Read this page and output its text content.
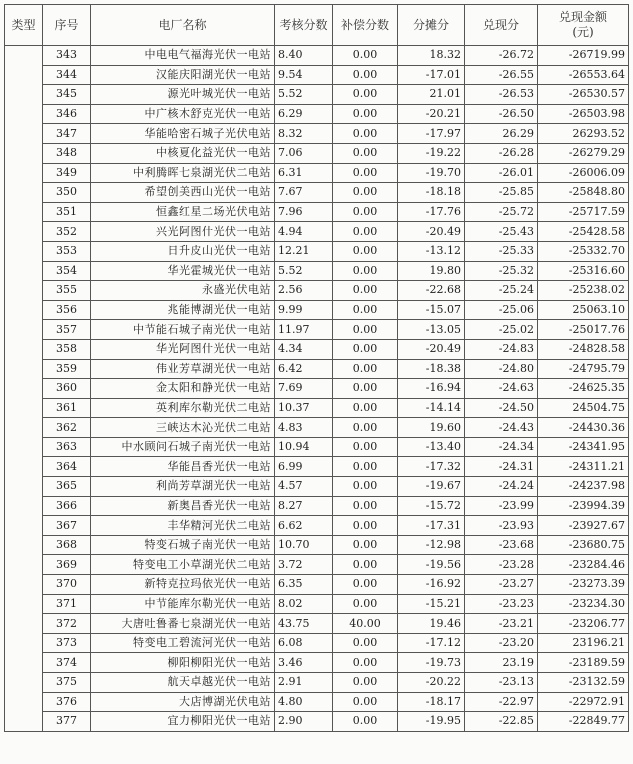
类型	序号	电厂名称	考核分数	补偿分数	分摊分	兑现分	兑现金额
(元)

	343	中电电气福海光伏一电站	8.40	0.00	18.32	-26.72	-26719.99
	344	汉能庆阳湖光伏一电站	9.54	0.00	-17.01	-26.55	-26553.64
	345	源光叶城光伏一电站	5.52	0.00	21.01	-26.53	-26530.57
	346	中广核木舒克光伏一电站	6.29	0.00	-20.21	-26.50	-26503.98
	347	华能哈密石城子光伏电站	8.32	0.00	-17.97	26.29	26293.52
	348	中核夏化益光伏一电站	7.06	0.00	-19.22	-26.28	-26279.29
	349	中利腾晖七泉湖光伏二电站	6.31	0.00	-19.70	-26.01	-26006.09
	350	希望创美西山光伏一电站	7.67	0.00	-18.18	-25.85	-25848.80
	351	恒鑫红星二场光伏电站	7.96	0.00	-17.76	-25.72	-25717.59
	352	兴光阿图什光伏一电站	4.94	0.00	-20.49	-25.43	-25428.58
	353	日升皮山光伏一电站	12.21	0.00	-13.12	-25.33	-25332.70
	354	华光霍城光伏一电站	5.52	0.00	19.80	-25.32	-25316.60
	355	永盛光伏电站	2.56	0.00	-22.68	-25.24	-25238.02
	356	兆能博湖光伏一电站	9.99	0.00	-15.07	-25.06	25063.10
	357	中节能石城子南光伏一电站	11.97	0.00	-13.05	-25.02	-25017.76
	358	华光阿图什光伏一电站	4.34	0.00	-20.49	-24.83	-24828.58
	359	伟业芳草湖光伏一电站	6.42	0.00	-18.38	-24.80	-24795.79
	360	金太阳和静光伏一电站	7.69	0.00	-16.94	-24.63	-24625.35
	361	英利库尔勒光伏二电站	10.37	0.00	-14.14	-24.50	24504.75
	362	三峡达木沁光伏二电站	4.83	0.00	19.60	-24.43	-24430.36
	363	中水顾问石城子南光伏一电站	10.94	0.00	-13.40	-24.34	-24341.95
	364	华能昌香光伏一电站	6.99	0.00	-17.32	-24.31	-24311.21
	365	利尚芳草湖光伏一电站	4.57	0.00	-19.67	-24.24	-24237.98
	366	新奥昌香光伏一电站	8.27	0.00	-15.72	-23.99	-23994.39
	367	丰华精河光伏二电站	6.62	0.00	-17.31	-23.93	-23927.67
	368	特变石城子南光伏一电站	10.70	0.00	-12.98	-23.68	-23680.75
	369	特变电工小草湖光伏二电站	3.72	0.00	-19.56	-23.28	-23284.46
	370	新特克拉玛依光伏一电站	6.35	0.00	-16.92	-23.27	-23273.39
	371	中节能库尔勒光伏一电站	8.02	0.00	-15.21	-23.23	-23234.30
	372	大唐吐鲁番七泉湖光伏一电站	43.75	40.00	19.46	-23.21	-23206.77
	373	特变电工碧流河光伏一电站	6.08	0.00	-17.12	-23.20	23196.21
	374	柳阳柳阳光伏一电站	3.46	0.00	-19.73	23.19	-23189.59
	375	航天卓越光伏一电站	2.91	0.00	-20.22	-23.13	-23132.59
	376	大店博湖光伏电站	4.80	0.00	-18.17	-22.97	-22972.91
	377	宜力柳阳光伏一电站	2.90	0.00	-19.95	-22.85	-22849.77
